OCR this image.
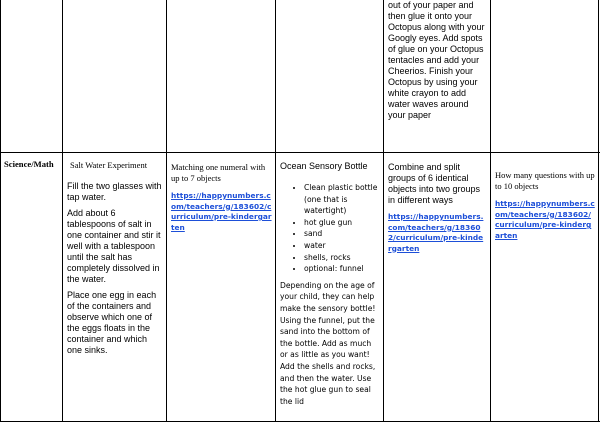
out of your paper and then glue it onto your Octopus along with your Googly eyes. Add spots of glue on your Octopus tentacles and add your Cheerios. Finish your Octopus by using your white crayon to add water waves around your paper
Science/Math	Salt Water Experiment

Fill the two glasses with tap water.

Add about 6 tablespoons of salt in one container and stir it well with a tablespoon until the salt has completely dissolved in the water.

Place one egg in each of the containers and observe which one of the eggs floats in the container and which one sinks.

Matching one numeral with up to 7 objects
https://happynumbers.com/teachers/g/183602/curriculum/pre-kindergarten
Ocean Sensory Bottle
• Clean plastic bottle (one that is watertight)
• hot glue gun
• sand
• water
• shells, rocks
• optional: funnel
Depending on the age of your child, they can help make the sensory bottle! Using the funnel, put the sand into the bottom of the bottle. Add as much or as little as you want! Add the shells and rocks, and then the water. Use the hot glue gun to seal the lid
Combine and split groups of 6 identical objects into two groups in different ways
https://happynumbers.com/teachers/g/183602/curriculum/pre-kindergarten
How many questions with up to 10 objects
https://happynumbers.com/teachers/g/183602/curriculum/pre-kindergarten
